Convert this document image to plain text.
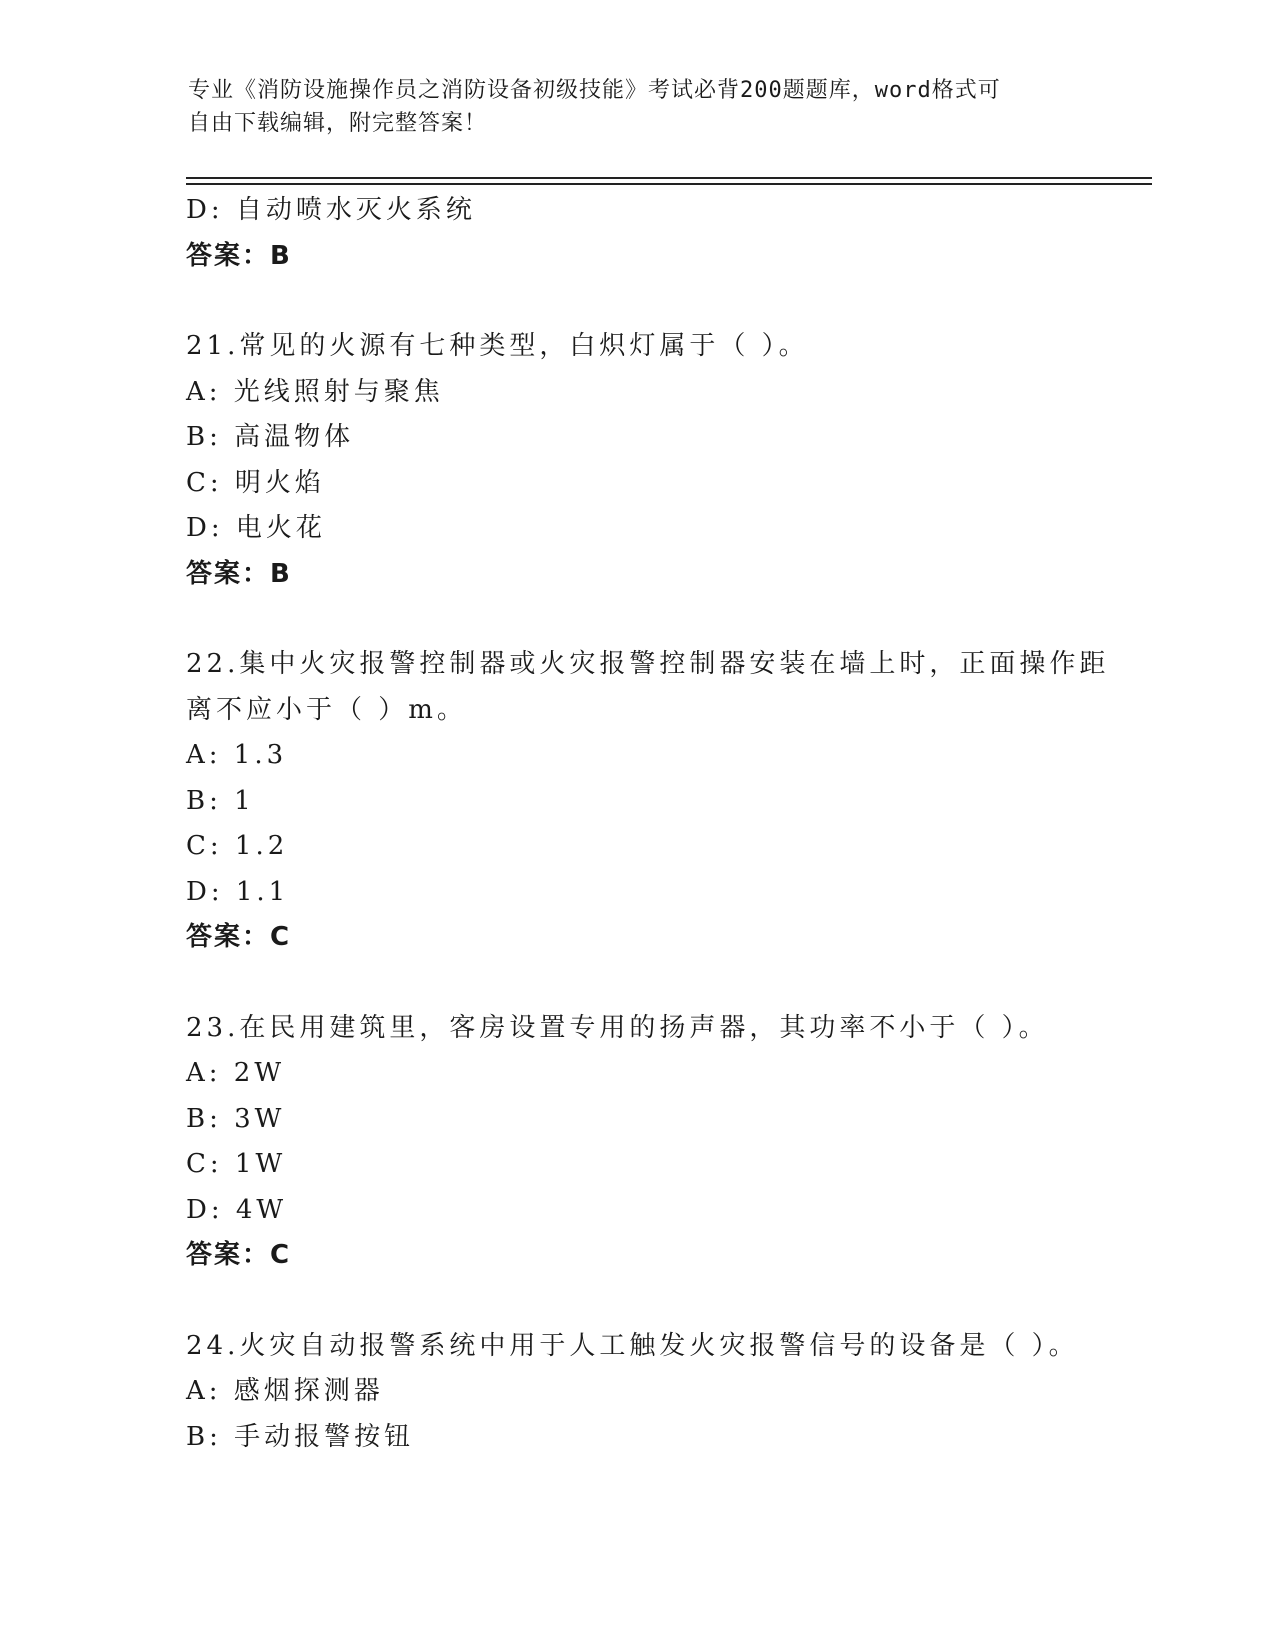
专业《消防设施操作员之消防设备初级技能》考试必背200题题库，word格式可
自由下载编辑，附完整答案！
D: 自动喷水灭火系统
答案：B
21.常见的火源有七种类型，白炽灯属于（ ）。
A: 光线照射与聚焦
B: 高温物体
C: 明火焰
D: 电火花
答案：B
22.集中火灾报警控制器或火灾报警控制器安装在墙上时，正面操作距
离不应小于（ ）m。
A: 1.3
B: 1
C: 1.2
D: 1.1
答案：C
23.在民用建筑里，客房设置专用的扬声器，其功率不小于（ ）。
A: 2W
B: 3W
C: 1W
D: 4W
答案：C
24.火灾自动报警系统中用于人工触发火灾报警信号的设备是（ ）。
A: 感烟探测器
B: 手动报警按钮
